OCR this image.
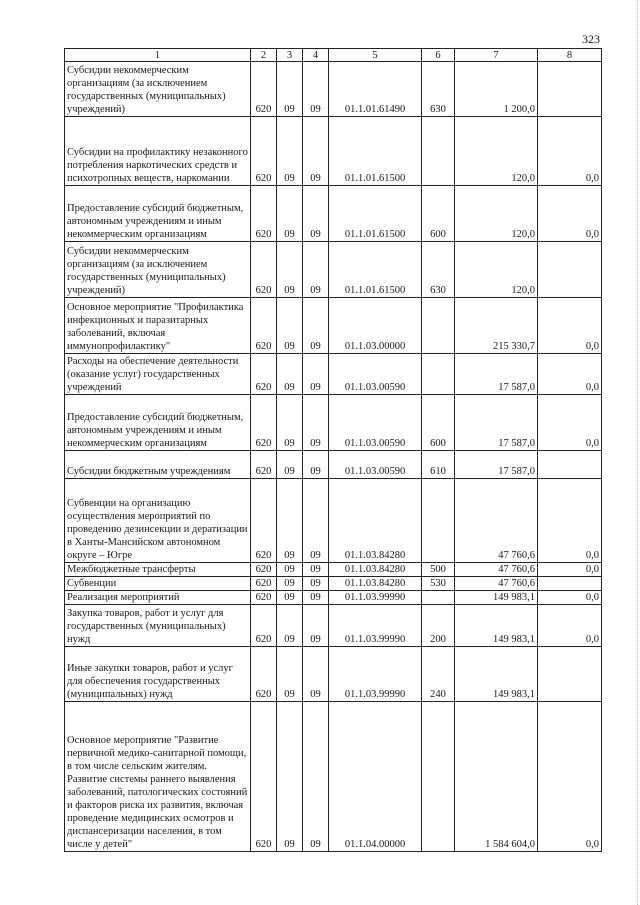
323
1	2	3	4	5	6	7	8
Субсидии некоммерческим организациям (за исключением государственных (муниципальных) учреждений)	620	09	09	01.1.01.61490	630	1 200,0	
Субсидии на профилактику незаконного потребления наркотических средств и психотропных веществ, наркомании	620	09	09	01.1.01.61500		120,0	0,0
Предоставление субсидий бюджетным, автономным учреждениям и иным некоммерческим организациям	620	09	09	01.1.01.61500	600	120,0	0,0
Субсидии некоммерческим организациям (за исключением государственных (муниципальных) учреждений)	620	09	09	01.1.01.61500	630	120,0	
Основное мероприятие "Профилактика инфекционных и паразитарных заболеваний, включая иммунопрофилактику"	620	09	09	01.1.03.00000		215 330,7	0,0
Расходы на обеспечение деятельности (оказание услуг) государственных учреждений	620	09	09	01.1.03.00590		17 587,0	0,0
Предоставление субсидий бюджетным, автономным учреждениям и иным некоммерческим организациям	620	09	09	01.1.03.00590	600	17 587,0	0,0
Субсидии бюджетным учреждениям	620	09	09	01.1.03.00590	610	17 587,0	
Субвенции на организацию осуществления мероприятий по проведению дезинсекции и дератизации в Ханты-Мансийском автономном округе – Югре	620	09	09	01.1.03.84280		47 760,6	0,0
Межбюджетные трансферты	620	09	09	01.1.03.84280	500	47 760,6	0,0
Субвенции	620	09	09	01.1.03.84280	530	47 760,6	
Реализация мероприятий	620	09	09	01.1.03.99990		149 983,1	0,0
Закупка товаров, работ и услуг для государственных (муниципальных) нужд	620	09	09	01.1.03.99990	200	149 983,1	0,0
Иные закупки товаров, работ и услуг для обеспечения государственных (муниципальных) нужд	620	09	09	01.1.03.99990	240	149 983,1	
Основное мероприятие "Развитие первичной медико-санитарной помощи, в том числе сельским жителям. Развитие системы раннего выявления заболеваний, патологических состояний и факторов риска их развития, включая проведение медицинских осмотров и диспансеризации населения, в том числе у детей"	620	09	09	01.1.04.00000		1 584 604,0	0,0
